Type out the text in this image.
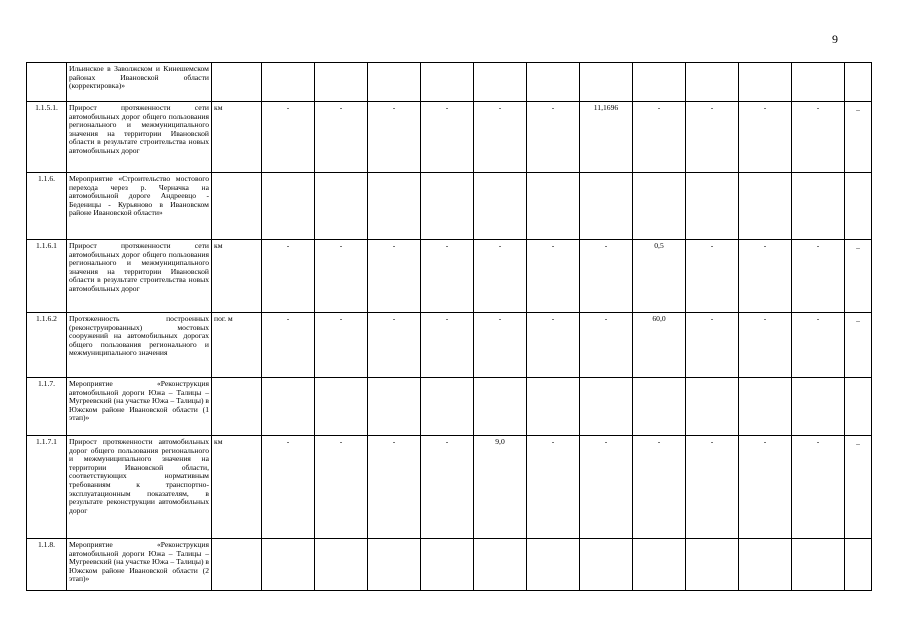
9
	Ильинское в Заволжском и Кинешемском районах Ивановской области (корректировка)»													
1.1.5.1.	Прирост протяженности сети автомобильных дорог общего пользования регионального и межмуниципального значения на территории Ивановской области в результате строительства новых автомобильных дорог	км	-	-	-	-	-	-	11,1696	-	-	-	-	_
1.1.6.	Мероприятие «Строительство мостового перехода через р. Черначка на автомобильной дороге Андреевцо - Беденицы - Курьяново в Ивановском районе Ивановской области»													
1.1.6.1	Прирост протяженности сети автомобильных дорог общего пользования регионального и межмуниципального значения на территории Ивановской области в результате строительства новых автомобильных дорог	км	-	-	-	-	-	-	-	0,5	-	-	-	_
1.1.6.2	Протяженность построенных (реконструированных) мостовых сооружений на автомобильных дорогах общего пользования регионального и межмуниципального значения	пог. м	-	-	-	-	-	-	-	60,0	-	-	-	_
1.1.7.	Мероприятие «Реконструкция автомобильной дороги Южа – Талицы – Мугреевский (на участке Южа – Талицы) в Южском районе Ивановской области (1 этап)»													
1.1.7.1	Прирост протяженности автомобильных дорог общего пользования регионального и межмуниципального значения на территории Ивановской области, соответствующих нормативным требованиям к транспортно-эксплуатационным показателям, в результате реконструкции автомобильных дорог	км	-	-	-	-	9,0	-	-	-	-	-	-	_
1.1.8.	Мероприятие «Реконструкция автомобильной дороги Южа – Талицы – Мугреевский (на участке Южа – Талицы) в Южском районе Ивановской области (2 этап)»													
